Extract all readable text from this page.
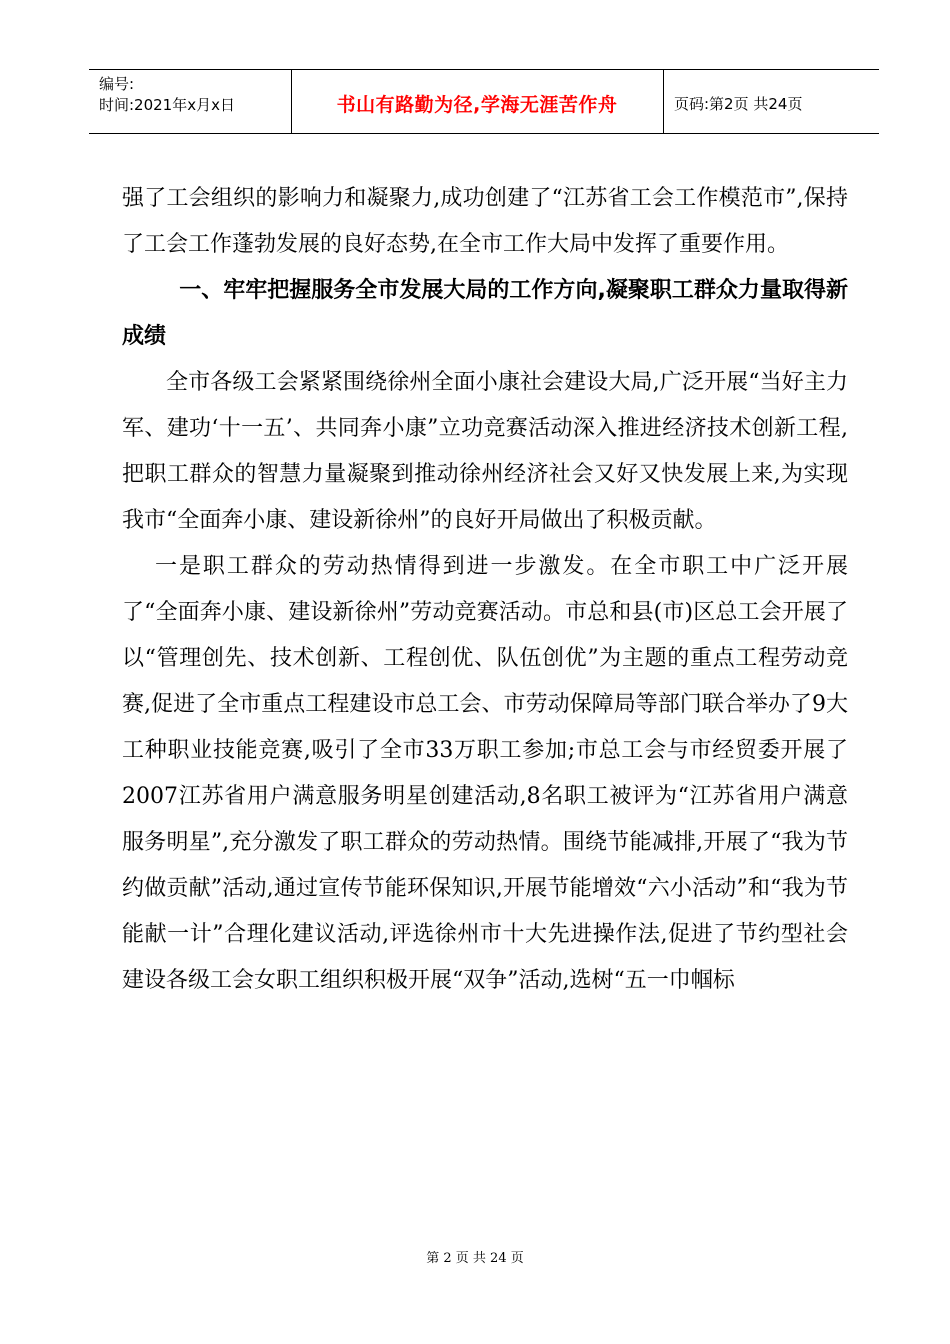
编号:
时间:2021年x月x日	书山有路勤为径,学海无涯苦作舟	页码:第2页 共24页

强了工会组织的影响力和凝聚力,成功创建了“江苏省工会工作模范市”,保持了工会工作蓬勃发展的良好态势,在全市工作大局中发挥了重要作用。

一、牢牢把握服务全市发展大局的工作方向,凝聚职工群众力量取得新成绩

全市各级工会紧紧围绕徐州全面小康社会建设大局,广泛开展“当好主力军、建功‘十一五’、共同奔小康”立功竞赛活动深入推进经济技术创新工程,把职工群众的智慧力量凝聚到推动徐州经济社会又好又快发展上来,为实现我市“全面奔小康、建设新徐州”的良好开局做出了积极贡献。

一是职工群众的劳动热情得到进一步激发。在全市职工中广泛开展了“全面奔小康、建设新徐州”劳动竞赛活动。市总和县(市)区总工会开展了以“管理创先、技术创新、工程创优、队伍创优”为主题的重点工程劳动竞赛,促进了全市重点工程建设市总工会、市劳动保障局等部门联合举办了9大工种职业技能竞赛,吸引了全市33万职工参加;市总工会与市经贸委开展了2007江苏省用户满意服务明星创建活动,8名职工被评为“江苏省用户满意服务明星”,充分激发了职工群众的劳动热情。围绕节能减排,开展了“我为节约做贡献”活动,通过宣传节能环保知识,开展节能增效“六小活动”和“我为节能献一计”合理化建议活动,评选徐州市十大先进操作法,促进了节约型社会建设各级工会女职工组织积极开展“双争”活动,选树“五一巾帼标

第 2 页 共 24 页
